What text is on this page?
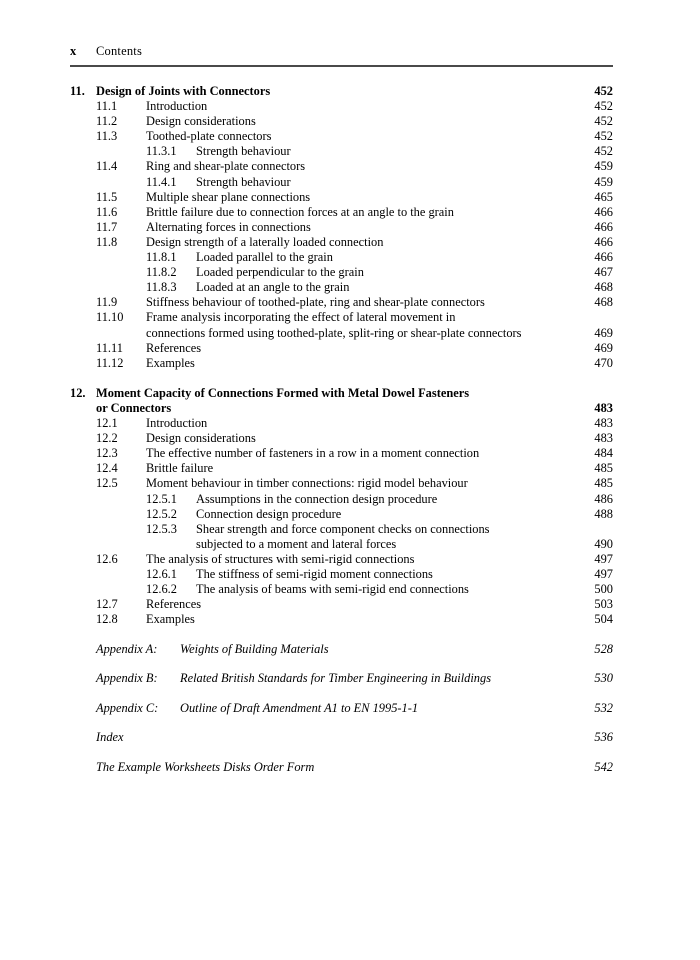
x	Contents
11. Design of Joints with Connectors	452
11.1	Introduction	452
11.2	Design considerations	452
11.3	Toothed-plate connectors	452
11.3.1	Strength behaviour	452
11.4	Ring and shear-plate connectors	459
11.4.1	Strength behaviour	459
11.5	Multiple shear plane connections	465
11.6	Brittle failure due to connection forces at an angle to the grain	466
11.7	Alternating forces in connections	466
11.8	Design strength of a laterally loaded connection	466
11.8.1	Loaded parallel to the grain	466
11.8.2	Loaded perpendicular to the grain	467
11.8.3	Loaded at an angle to the grain	468
11.9	Stiffness behaviour of toothed-plate, ring and shear-plate connectors	468
11.10	Frame analysis incorporating the effect of lateral movement in
connections formed using toothed-plate, split-ring or shear-plate connectors	469
11.11	References	469
11.12	Examples	470
12. Moment Capacity of Connections Formed with Metal Dowel Fasteners
or Connectors	483
12.1	Introduction	483
12.2	Design considerations	483
12.3	The effective number of fasteners in a row in a moment connection	484
12.4	Brittle failure	485
12.5	Moment behaviour in timber connections: rigid model behaviour	485
12.5.1	Assumptions in the connection design procedure	486
12.5.2	Connection design procedure	488
12.5.3	Shear strength and force component checks on connections
subjected to a moment and lateral forces	490
12.6	The analysis of structures with semi-rigid connections	497
12.6.1	The stiffness of semi-rigid moment connections	497
12.6.2	The analysis of beams with semi-rigid end connections	500
12.7	References	503
12.8	Examples	504
Appendix A:	Weights of Building Materials	528
Appendix B:	Related British Standards for Timber Engineering in Buildings	530
Appendix C:	Outline of Draft Amendment A1 to EN 1995-1-1	532
Index	536
The Example Worksheets Disks Order Form	542
